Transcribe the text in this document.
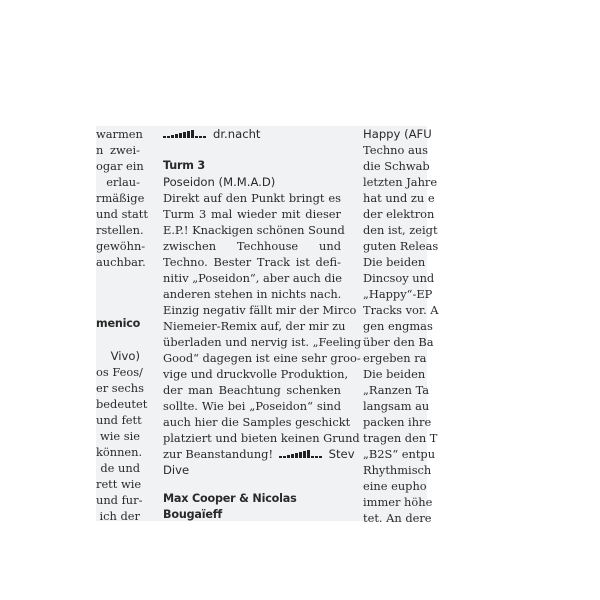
warmen
n zwei-
ogar ein
erlau-
rmäßige
und statt
rstellen.
gewöhn-
auchbar.
menico
Vivo)
os Feos/
er sechs
bedeutet
und fett
wie sie
können.
de und
rett wie
und fur-
ich der
dr.nacht
Turm 3
Poseidon (M.M.A.D)
Direkt auf den Punkt bringt es
Turm 3 mal wieder mit dieser
E.P.! Knackigen schönen Sound
zwischen Techhouse und
Techno. Bester Track ist defi-
nitiv „Poseidon“, aber auch die
anderen stehen in nichts nach.
Einzig negativ fällt mir der Mirco
Niemeier-Remix auf, der mir zu
überladen und nervig ist. „Feeling
Good“ dagegen ist eine sehr groo-
vige und druckvolle Produktion,
der man Beachtung schenken
sollte. Wie bei „Poseidon“ sind
auch hier die Samples geschickt
platziert und bieten keinen Grund
zur Beanstandung!	Stev
Dive
Max Cooper & Nicolas
Bougaïeff
Happy (AFU
Techno aus
die Schwab
letzten Jahre
hat und zu e
der elektron
den ist, zeigt
guten Releas
Die beiden
Dincsoy und
„Happy“-EP
Tracks vor. A
gen engmas
über den Ba
ergeben ra
Die beiden
„Ranzen Ta
langsam au
packen ihre
tragen den T
„B2S“ entpu
Rhythmisch
eine eupho
immer höhe
tet. An dere
